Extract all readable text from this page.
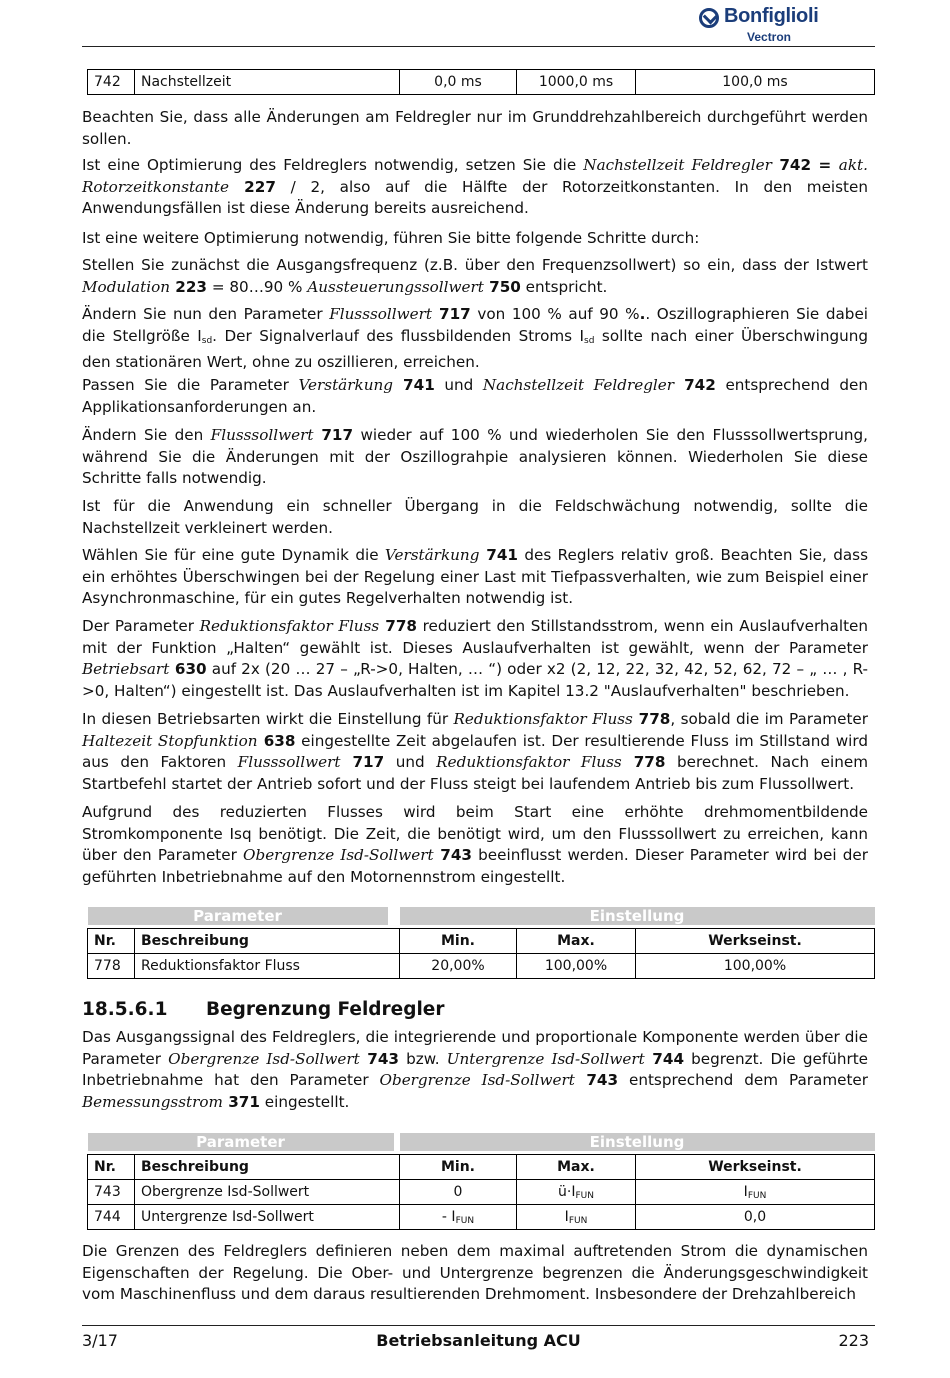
Bonfiglioli
Vectron
742	Nachstellzeit	0,0 ms	1000,0 ms	100,0 ms
Beachten Sie, dass alle Änderungen am Feldregler nur im Grunddrehzahlbereich durchgeführt werden sollen.
Ist eine Optimierung des Feldreglers notwendig, setzen Sie die Nachstellzeit Feldregler 742 = akt. Rotorzeitkonstante 227 / 2, also auf die Hälfte der Rotorzeitkonstanten. In den meisten Anwendungsfällen ist diese Änderung bereits ausreichend.
Ist eine weitere Optimierung notwendig, führen Sie bitte folgende Schritte durch:
Stellen Sie zunächst die Ausgangsfrequenz (z.B. über den Frequenzsollwert) so ein, dass der Istwert Modulation 223 = 80…90 % Aussteuerungssollwert 750 entspricht.
Ändern Sie nun den Parameter Flusssollwert 717 von 100 % auf 90 %.. Oszillographieren Sie dabei die Stellgröße $I_{sd}$. Der Signalverlauf des flussbildenden Stroms $I_{sd}$ sollte nach einer Überschwingung den stationären Wert, ohne zu oszillieren, erreichen.
Passen Sie die Parameter Verstärkung 741 und Nachstellzeit Feldregler 742 entsprechend den Applikationsanforderungen an.
Ändern Sie den Flusssollwert 717 wieder auf 100 % und wiederholen Sie den Flusssollwertsprung, während Sie die Änderungen mit der Oszillograhpie analysieren können. Wiederholen Sie diese Schritte falls notwendig.
Ist für die Anwendung ein schneller Übergang in die Feldschwächung notwendig, sollte die Nachstellzeit verkleinert werden.
Wählen Sie für eine gute Dynamik die Verstärkung 741 des Reglers relativ groß. Beachten Sie, dass ein erhöhtes Überschwingen bei der Regelung einer Last mit Tiefpassverhalten, wie zum Beispiel einer Asynchronmaschine, für ein gutes Regelverhalten notwendig ist.
Der Parameter Reduktionsfaktor Fluss 778 reduziert den Stillstandsstrom, wenn ein Auslaufverhalten mit der Funktion „Halten“ gewählt ist. Dieses Auslaufverhalten ist gewählt, wenn der Parameter Betriebsart 630 auf 2x (20 … 27 – „R->0, Halten, … “) oder x2 (2, 12, 22, 32, 42, 52, 62, 72 – „ … , R->0, Halten“) eingestellt ist. Das Auslaufverhalten ist im Kapitel 13.2 "Auslaufverhalten" beschrieben.
In diesen Betriebsarten wirkt die Einstellung für Reduktionsfaktor Fluss 778, sobald die im Parameter Haltezeit Stopfunktion 638 eingestellte Zeit abgelaufen ist. Der resultierende Fluss im Stillstand wird aus den Faktoren Flusssollwert 717 und Reduktionsfaktor Fluss 778 berechnet. Nach einem Startbefehl startet der Antrieb sofort und der Fluss steigt bei laufendem Antrieb bis zum Flussollwert.
Aufgrund des reduzierten Flusses wird beim Start eine erhöhte drehmomentbildende Stromkomponente Isq benötigt. Die Zeit, die benötigt wird, um den Flusssollwert zu erreichen, kann über den Parameter Obergrenze Isd-Sollwert 743 beeinflusst werden. Dieser Parameter wird bei der geführten Inbetriebnahme auf den Motornennstrom eingestellt.
Parameter		Einstellung		

Nr.	Beschreibung	Min.	Max.	Werkseinst.
778	Reduktionsfaktor Fluss	20,00%	100,00%	100,00%
18.5.6.1 Begrenzung Feldregler
Das Ausgangssignal des Feldreglers, die integrierende und proportionale Komponente werden über die Parameter Obergrenze Isd-Sollwert 743 bzw. Untergrenze Isd-Sollwert 744 begrenzt. Die geführte Inbetriebnahme hat den Parameter Obergrenze Isd-Sollwert 743 entsprechend dem Parameter Bemessungsstrom 371 eingestellt.
Parameter		Einstellung		

Nr.	Beschreibung	Min.	Max.	Werkseinst.
743	Obergrenze Isd-Sollwert	0	$ü\cdot I_{FUN}$	$I_{FUN}$
744	Untergrenze Isd-Sollwert	- $I_{FUN}$	$I_{FUN}$	0,0
Die Grenzen des Feldreglers definieren neben dem maximal auftretenden Strom die dynamischen Eigenschaften der Regelung. Die Ober- und Untergrenze begrenzen die Änderungsgeschwindigkeit vom Maschinenfluss und dem daraus resultierenden Drehmoment. Insbesondere der Drehzahlbereich
3/17	Betriebsanleitung ACU	223
